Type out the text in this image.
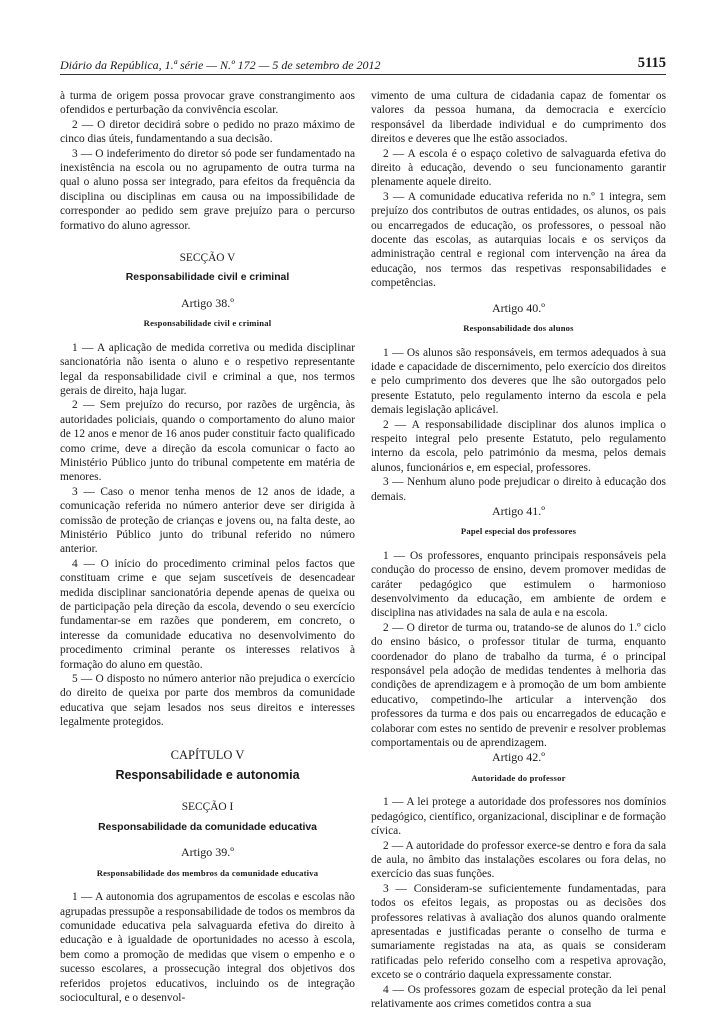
Diário da República, 1.ª série — N.º 172 — 5 de setembro de 2012	5115

à turma de origem possa provocar grave constrangimento aos ofendidos e perturbação da convivência escolar.

2 — O diretor decidirá sobre o pedido no prazo máximo de cinco dias úteis, fundamentando a sua decisão.

3 — O indeferimento do diretor só pode ser fundamentado na inexistência na escola ou no agrupamento de outra turma na qual o aluno possa ser integrado, para efeitos da frequência da disciplina ou disciplinas em causa ou na impossibilidade de corresponder ao pedido sem grave prejuízo para o percurso formativo do aluno agressor.

SECÇÃO V

Responsabilidade civil e criminal

Artigo 38.º

Responsabilidade civil e criminal

1 — A aplicação de medida corretiva ou medida disciplinar sancionatória não isenta o aluno e o respetivo representante legal da responsabilidade civil e criminal a que, nos termos gerais de direito, haja lugar.

2 — Sem prejuízo do recurso, por razões de urgência, às autoridades policiais, quando o comportamento do aluno maior de 12 anos e menor de 16 anos puder constituir facto qualificado como crime, deve a direção da escola comunicar o facto ao Ministério Público junto do tribunal competente em matéria de menores.

3 — Caso o menor tenha menos de 12 anos de idade, a comunicação referida no número anterior deve ser dirigida à comissão de proteção de crianças e jovens ou, na falta deste, ao Ministério Público junto do tribunal referido no número anterior.

4 — O início do procedimento criminal pelos factos que constituam crime e que sejam suscetíveis de desencadear medida disciplinar sancionatória depende apenas de queixa ou de participação pela direção da escola, devendo o seu exercício fundamentar-se em razões que ponderem, em concreto, o interesse da comunidade educativa no desenvolvimento do procedimento criminal perante os interesses relativos à formação do aluno em questão.

5 — O disposto no número anterior não prejudica o exercício do direito de queixa por parte dos membros da comunidade educativa que sejam lesados nos seus direitos e interesses legalmente protegidos.

CAPÍTULO V

Responsabilidade e autonomia

SECÇÃO I

Responsabilidade da comunidade educativa

Artigo 39.º

Responsabilidade dos membros da comunidade educativa

1 — A autonomia dos agrupamentos de escolas e escolas não agrupadas pressupõe a responsabilidade de todos os membros da comunidade educativa pela salvaguarda efetiva do direito à educação e à igualdade de oportunidades no acesso à escola, bem como a promoção de medidas que visem o empenho e o sucesso escolares, a prossecução integral dos objetivos dos referidos projetos educativos, incluindo os de integração sociocultural, e o desenvol-

vimento de uma cultura de cidadania capaz de fomentar os valores da pessoa humana, da democracia e exercício responsável da liberdade individual e do cumprimento dos direitos e deveres que lhe estão associados.

2 — A escola é o espaço coletivo de salvaguarda efetiva do direito à educação, devendo o seu funcionamento garantir plenamente aquele direito.

3 — A comunidade educativa referida no n.º 1 integra, sem prejuízo dos contributos de outras entidades, os alunos, os pais ou encarregados de educação, os professores, o pessoal não docente das escolas, as autarquias locais e os serviços da administração central e regional com intervenção na área da educação, nos termos das respetivas responsabilidades e competências.

Artigo 40.º

Responsabilidade dos alunos

1 — Os alunos são responsáveis, em termos adequados à sua idade e capacidade de discernimento, pelo exercício dos direitos e pelo cumprimento dos deveres que lhe são outorgados pelo presente Estatuto, pelo regulamento interno da escola e pela demais legislação aplicável.

2 — A responsabilidade disciplinar dos alunos implica o respeito integral pelo presente Estatuto, pelo regulamento interno da escola, pelo património da mesma, pelos demais alunos, funcionários e, em especial, professores.

3 — Nenhum aluno pode prejudicar o direito à educação dos demais.

Artigo 41.º

Papel especial dos professores

1 — Os professores, enquanto principais responsáveis pela condução do processo de ensino, devem promover medidas de caráter pedagógico que estimulem o harmonioso desenvolvimento da educação, em ambiente de ordem e disciplina nas atividades na sala de aula e na escola.

2 — O diretor de turma ou, tratando-se de alunos do 1.º ciclo do ensino básico, o professor titular de turma, enquanto coordenador do plano de trabalho da turma, é o principal responsável pela adoção de medidas tendentes à melhoria das condições de aprendizagem e à promoção de um bom ambiente educativo, competindo-lhe articular a intervenção dos professores da turma e dos pais ou encarregados de educação e colaborar com estes no sentido de prevenir e resolver problemas comportamentais ou de aprendizagem.

Artigo 42.º

Autoridade do professor

1 — A lei protege a autoridade dos professores nos domínios pedagógico, científico, organizacional, disciplinar e de formação cívica.

2 — A autoridade do professor exerce-se dentro e fora da sala de aula, no âmbito das instalações escolares ou fora delas, no exercício das suas funções.

3 — Consideram-se suficientemente fundamentadas, para todos os efeitos legais, as propostas ou as decisões dos professores relativas à avaliação dos alunos quando oralmente apresentadas e justificadas perante o conselho de turma e sumariamente registadas na ata, as quais se consideram ratificadas pelo referido conselho com a respetiva aprovação, exceto se o contrário daquela expressamente constar.

4 — Os professores gozam de especial proteção da lei penal relativamente aos crimes cometidos contra a sua
